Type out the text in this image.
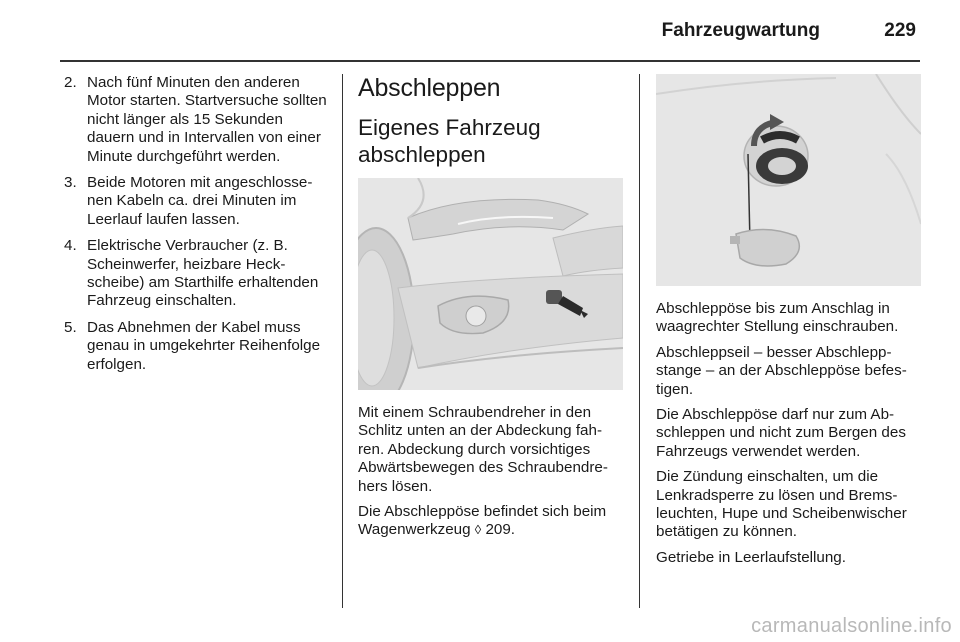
Fahrzeugwartung	229
2. Nach fünf Minuten den anderen Motor starten. Startversuche sollten nicht länger als 15 Sekunden dauern und in Intervallen von einer Minute durchgeführt werden.
3. Beide Motoren mit angeschlossenen Kabeln ca. drei Minuten im Leerlauf laufen lassen.
4. Elektrische Verbraucher (z. B. Scheinwerfer, heizbare Heckscheibe) am Starthilfe erhaltenden Fahrzeug einschalten.
5. Das Abnehmen der Kabel muss genau in umgekehrter Reihenfolge erfolgen.
Abschleppen
Eigenes Fahrzeug abschleppen

Mit einem Schraubendreher in den Schlitz unten an der Abdeckung fahren. Abdeckung durch vorsichtiges Abwärtsbewegen des Schraubendrehers lösen.

Die Abschleppöse befindet sich beim Wagenwerkzeug ◊ 209.

Abschleppöse bis zum Anschlag in waagrechter Stellung einschrauben.

Abschleppseil – besser Abschleppstange – an der Abschleppöse befestigen.

Die Abschleppöse darf nur zum Abschleppen und nicht zum Bergen des Fahrzeugs verwendet werden.

Die Zündung einschalten, um die Lenkradsperre zu lösen und Bremsleuchten, Hupe und Scheibenwischer betätigen zu können.

Getriebe in Leerlaufstellung.

carmanualsonline.info
